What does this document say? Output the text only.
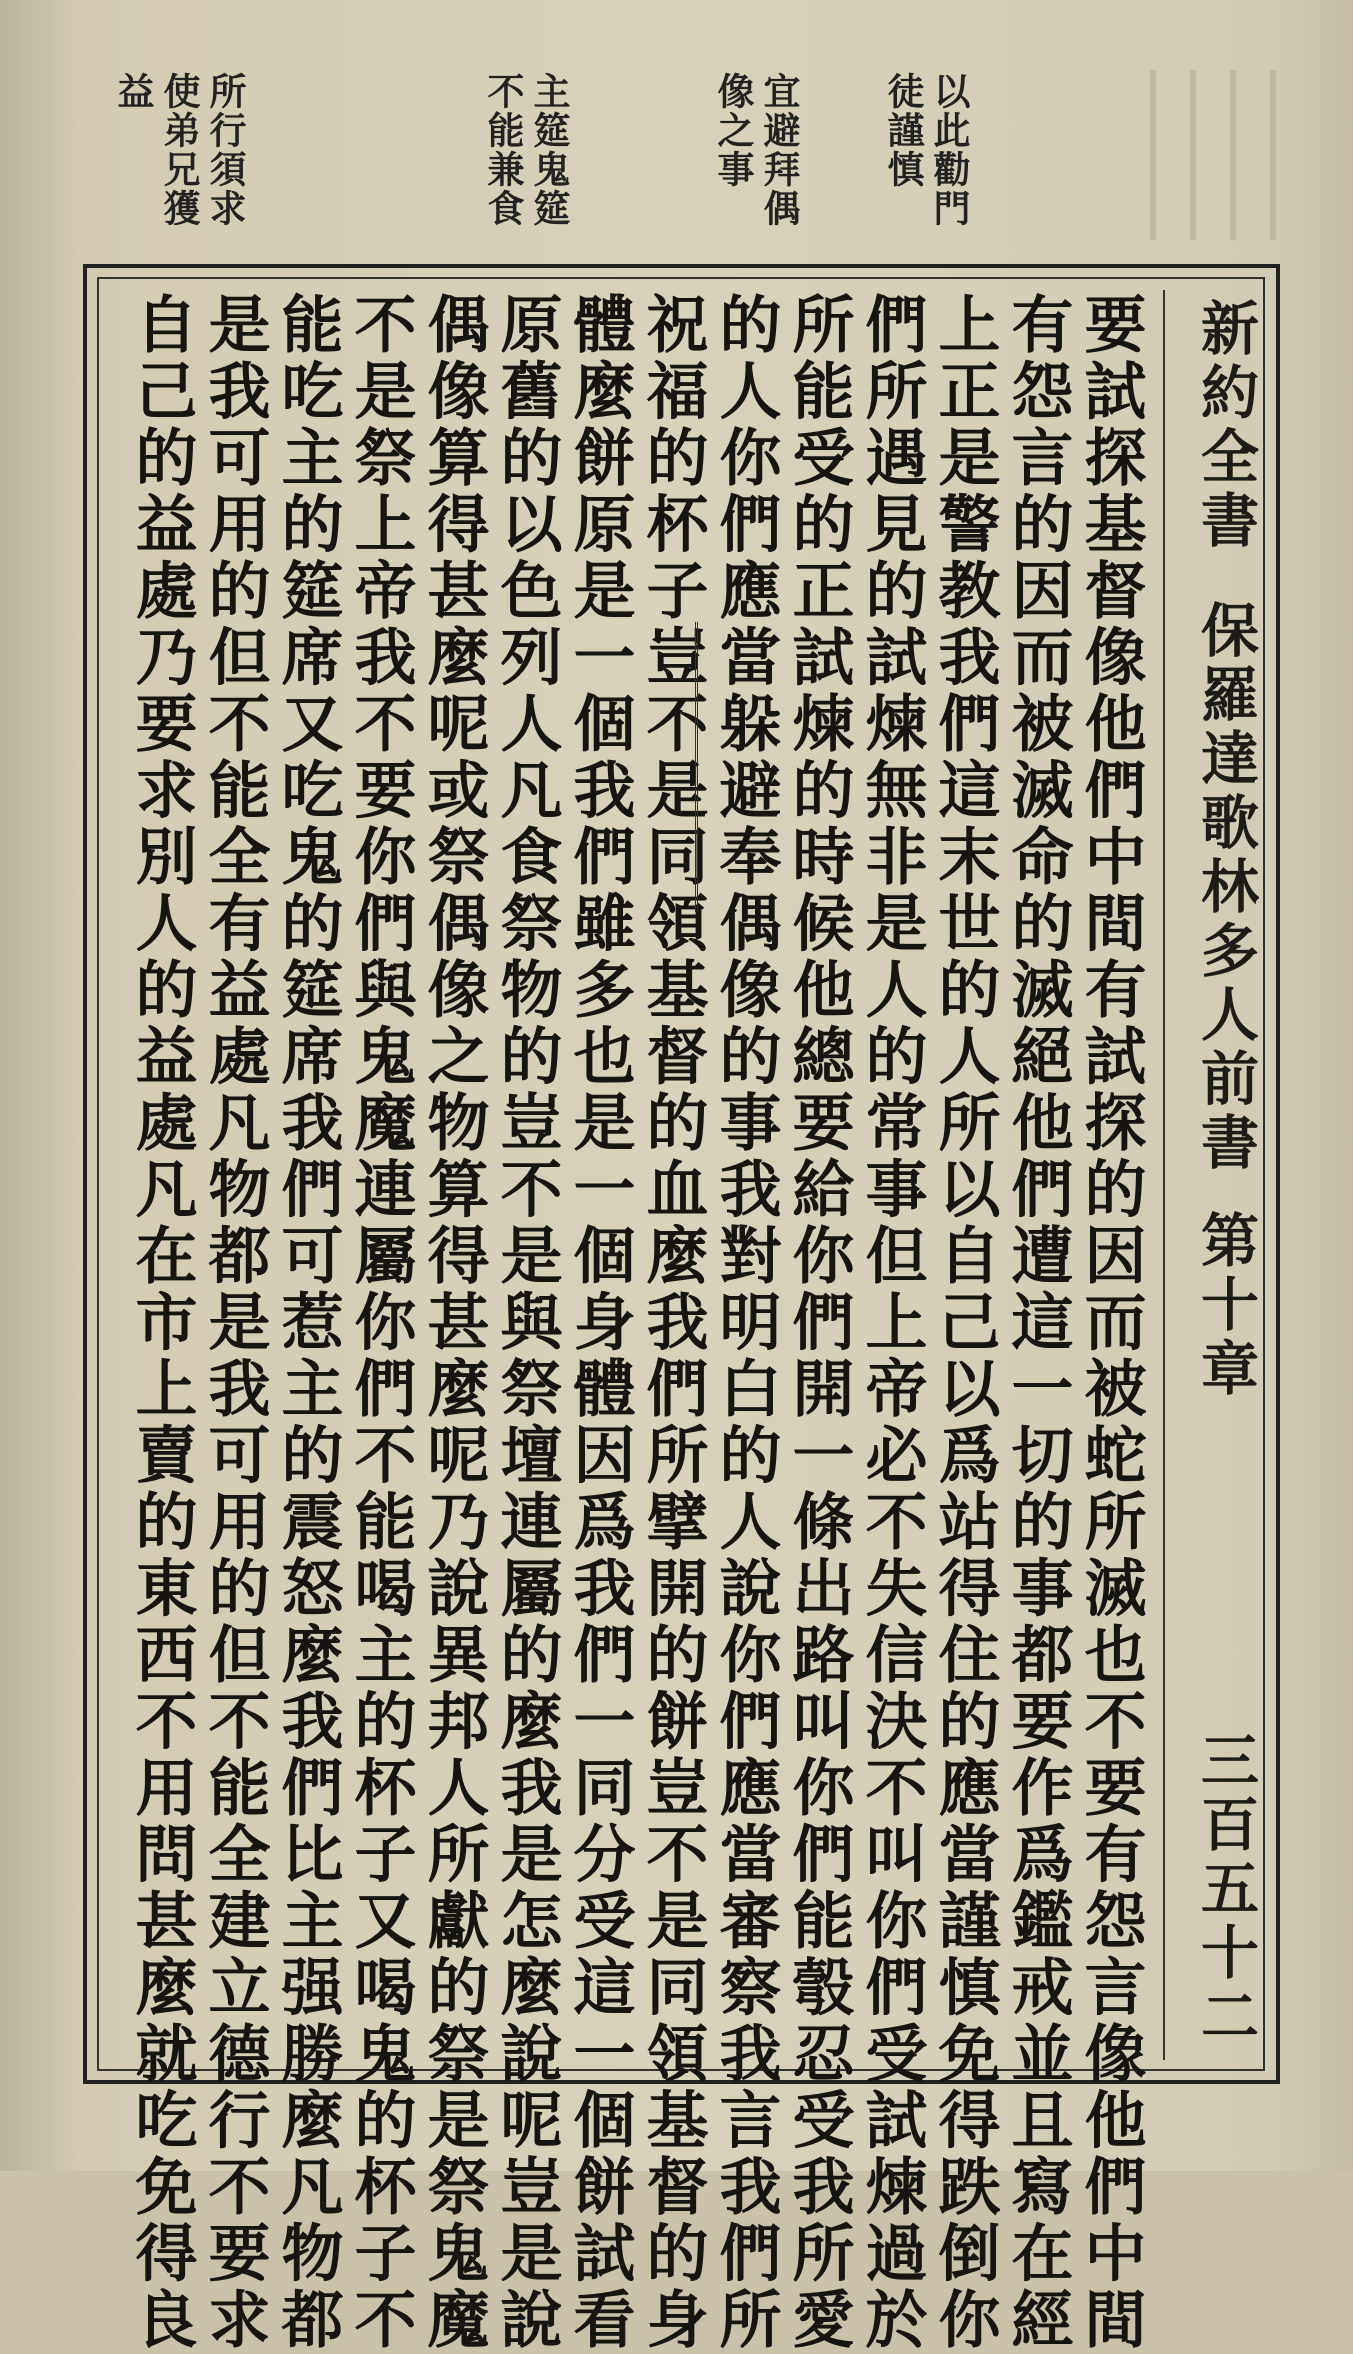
以此勸門徒謹慎
宜避拜偶像之事
主筵鬼筵不能兼食
所行須求使弟兄獲益
新約全書
保羅達歌林多人前書
第十章
三百五十二
要試探基督像他們中間有試探的因而被蛇所滅也不要有怨言像他們中間
有怨言的因而被滅命的滅絕他們遭這一切的事都要作爲鑑戒並且寫在經
上正是警教我們這末世的人所以自己以爲站得住的應當謹慎免得跌倒你
們所遇見的試煉無非是人的常事但上帝必不失信決不叫你們受試煉過於
所能受的正試煉的時候他總要給你們開一條出路叫你們能彀忍受我所愛
的人你們應當躲避奉偶像的事我對明白的人說你們應當審察我言我們所
祝福的杯子豈不是同領基督的血麼我們所擘開的餅豈不是同領基督的身
體麼餅原是一個我們雖多也是一個身體因爲我們一同分受這一個餅試看
原舊的以色列人凡食祭物的豈不是與祭壇連屬的麼我是怎麼說呢豈是說
偶像算得甚麼呢或祭偶像之物算得甚麼呢乃說異邦人所獻的祭是祭鬼魔
不是祭上帝我不要你們與鬼魔連屬你們不能喝主的杯子又喝鬼的杯子不
能吃主的筵席又吃鬼的筵席我們可惹主的震怒麼我們比主强勝麼凡物都
是我可用的但不能全有益處凡物都是我可用的但不能全建立德行不要求
自己的益處乃要求別人的益處凡在市上賣的東西不用問甚麼就吃免得良
